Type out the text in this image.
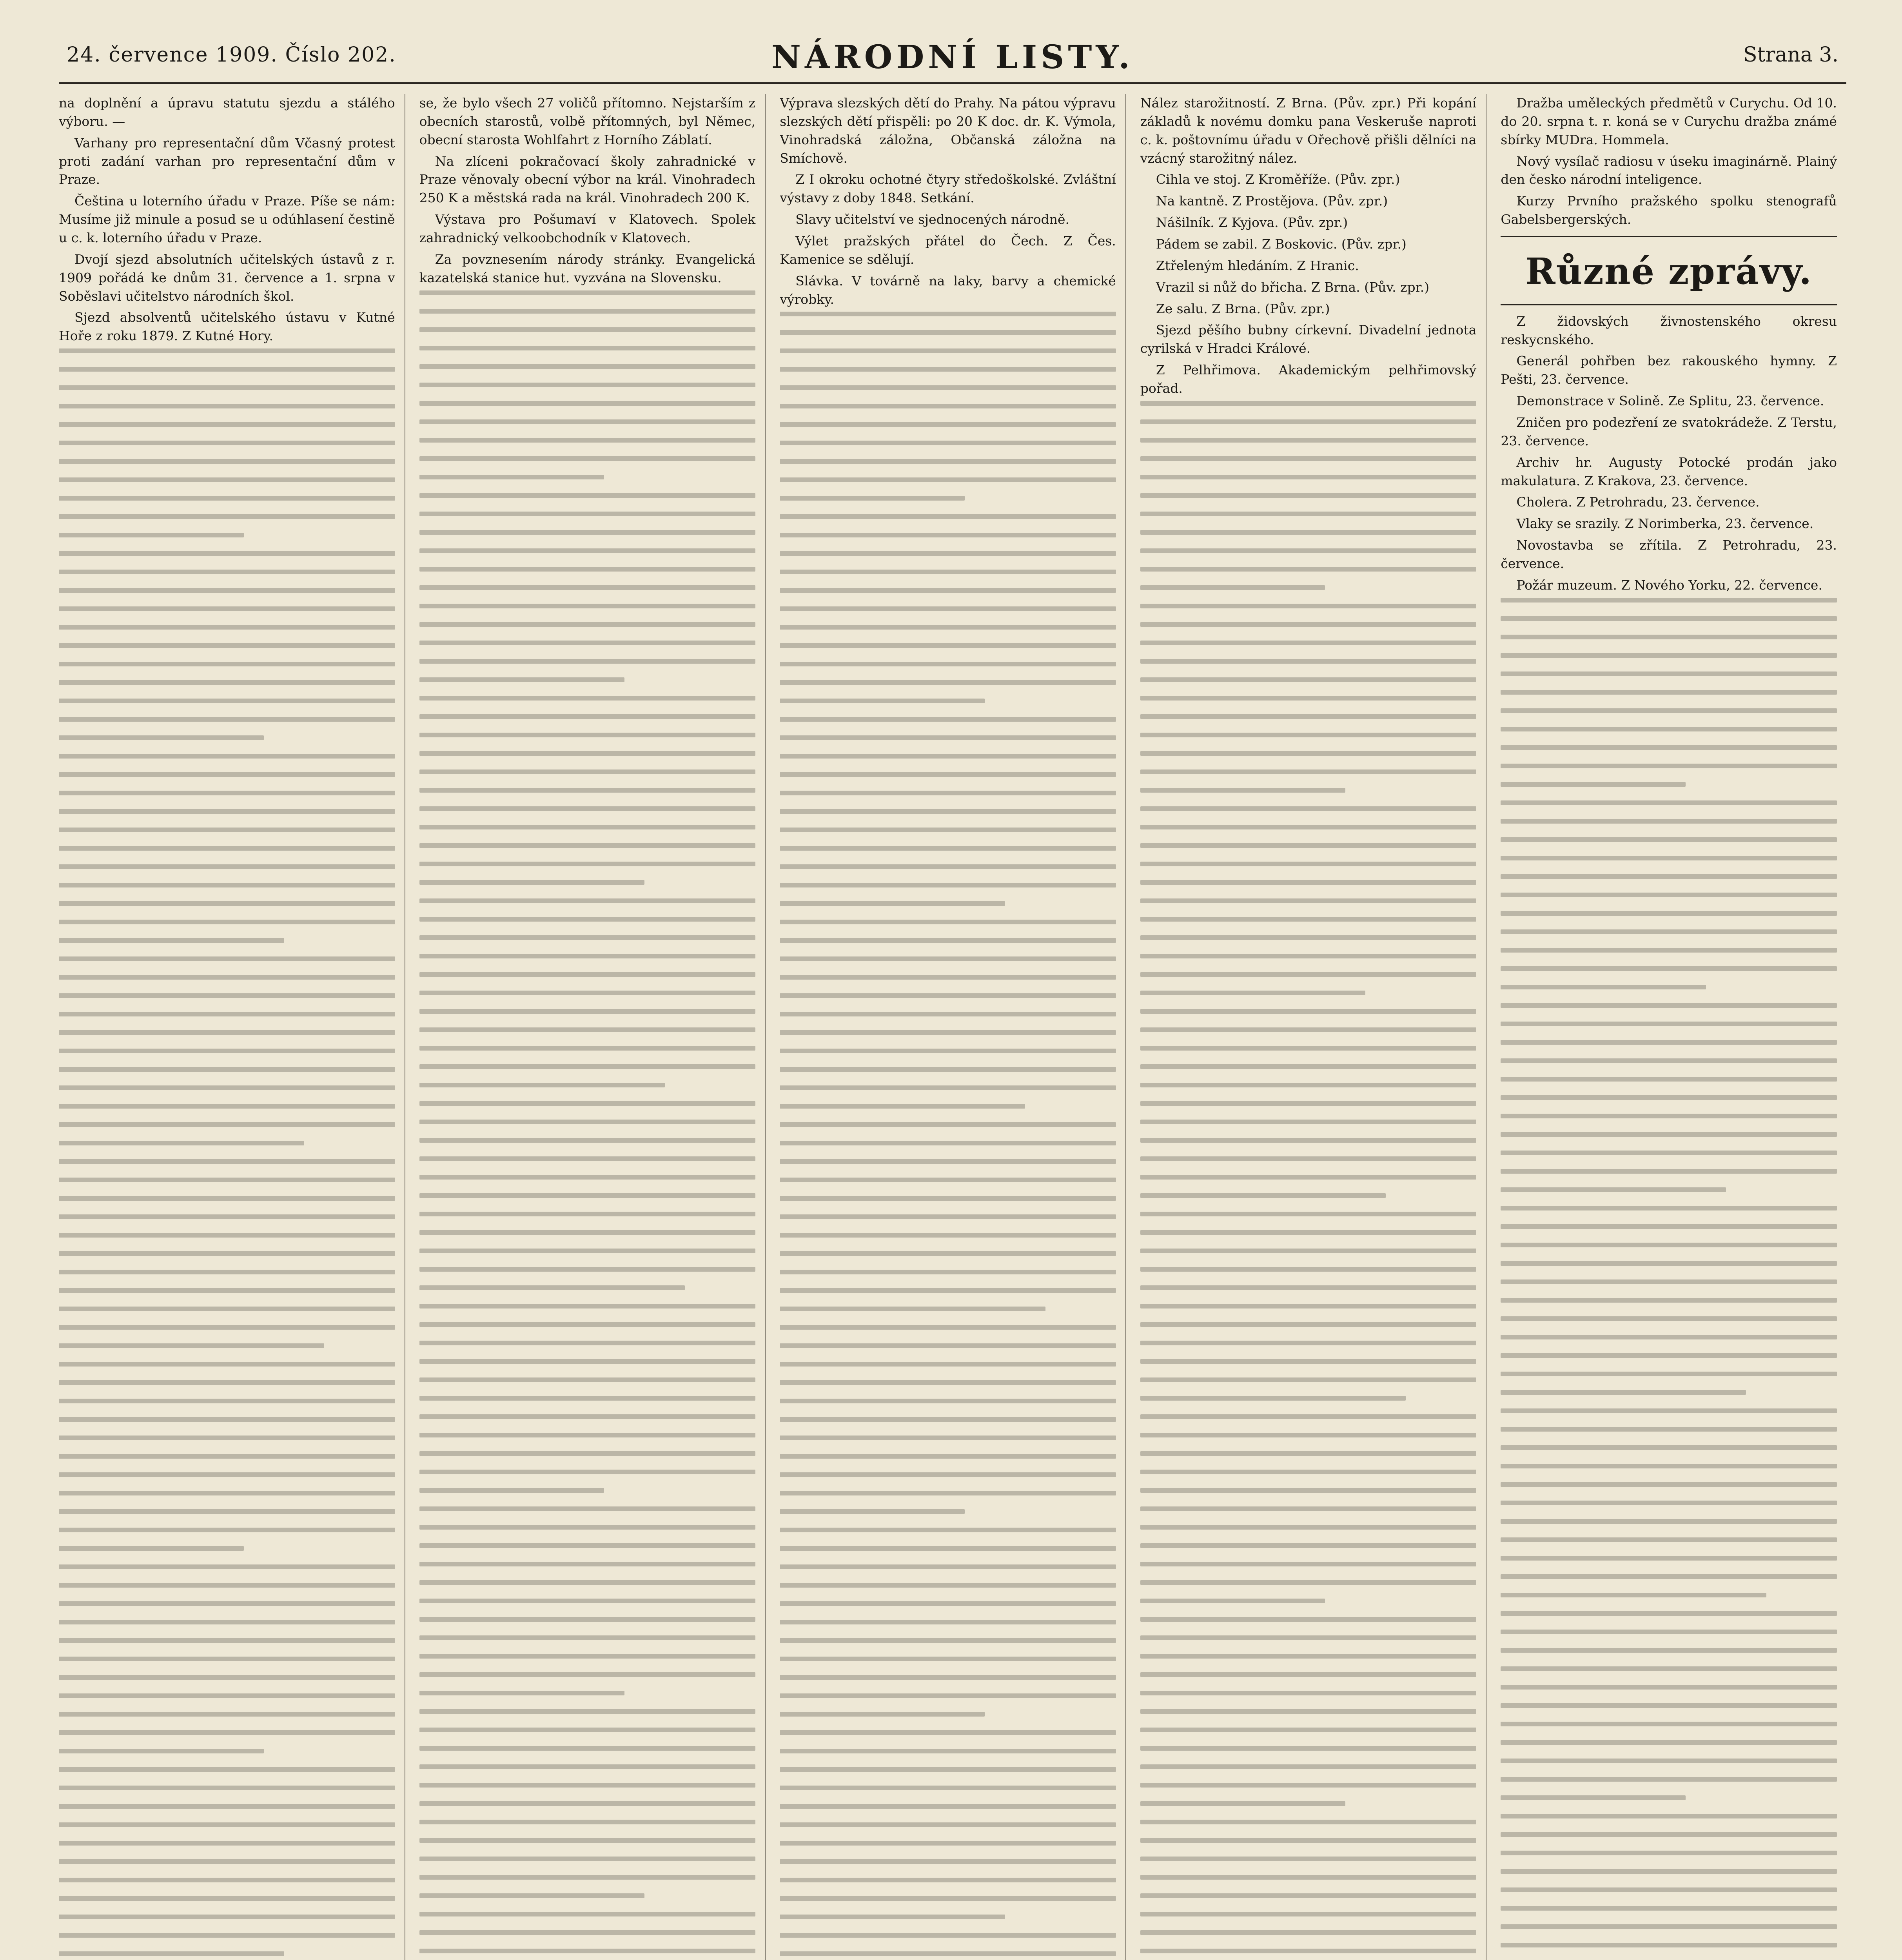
24. července 1909. Číslo 202.	NÁRODNÍ LISTY.	Strana 3.

na doplnění a úpravu statutu sjezdu a stálého výboru. —

Varhany pro representační dům Včasný protest proti zadání varhan pro representační dům v Praze.

Čeština u loterního úřadu v Praze. Píše se nám: Musíme již minule a posud se u odúhlasení čestině u c. k. loterního úřadu v Praze.

Dvojí sjezd absolutních učitelských ústavů z r. 1909 pořádá ke dnům 31. července a 1. srpna v Soběslavi učitelstvo národních škol.

Sjezd absolventů učitelského ústavu v Kutné Hoře z roku 1879. Z Kutné Hory.

se, že bylo všech 27 voličů přítomno. Nejstarším z obecních starostů, volbě přítomných, byl Němec, obecní starosta Wohlfahrt z Horního Záblatí.

Na zlíceni pokračovací školy zahradnické v Praze věnovaly obecní výbor na král. Vinohradech 250 K a městská rada na král. Vinohradech 200 K.

Výstava pro Pošumaví v Klatovech. Spolek zahradnický velkoobchodník v Klatovech.

Za povznesením národy stránky. Evangelická kazatelská stanice hut. vyzvána na Slovensku.

Výprava slezských dětí do Prahy. Na pátou výpravu slezských dětí přispěli: po 20 K doc. dr. K. Výmola, Vinohradská záložna, Občanská záložna na Smíchově.

Z I okroku ochotné čtyry středoškolské. Zvláštní výstavy z doby 1848. Setkání.

Slavy učitelství ve sjednocených národně.

Výlet pražských přátel do Čech. Z Čes. Kamenice se sdělují.

Slávka. V továrně na laky, barvy a chemické výrobky.

Nález starožitností. Z Brna. (Pův. zpr.) Při kopání základů k novému domku pana Veskeruše naproti c. k. poštovnímu úřadu v Ořechově přišli dělníci na vzácný starožitný nález.

Cihla ve stoj. Z Kroměříže. (Pův. zpr.)

Na kantně. Z Prostějova. (Pův. zpr.)

Nášilník. Z Kyjova. (Pův. zpr.)

Pádem se zabil. Z Boskovic. (Pův. zpr.)

Ztřeleným hledáním. Z Hranic.

Vrazil si nůž do břicha. Z Brna. (Pův. zpr.)

Ze salu. Z Brna. (Pův. zpr.)

Sjezd pěšího bubny církevní. Divadelní jednota cyrilská v Hradci Králové.

Z Pelhřimova. Akademickým pelhřimovský pořad.

Dražba uměleckých předmětů v Curychu. Od 10. do 20. srpna t. r. koná se v Curychu dražba známé sbírky MUDra. Hommela.

Nový vysílač radiosu v úseku imaginárně. Plainý den česko národní inteligence.

Kurzy Prvního pražského spolku stenografů Gabelsbergerských.

Různé zprávy.

Z židovských živnostenského okresu reskycnského.

Generál pohřben bez rakouského hymny. Z Pešti, 23. července.

Demonstrace v Solině. Ze Splitu, 23. července.

Zničen pro podezření ze svatokrádeže. Z Terstu, 23. července.

Archiv hr. Augusty Potocké prodán jako makulatura. Z Krakova, 23. července.

Cholera. Z Petrohradu, 23. července.

Vlaky se srazily. Z Norimberka, 23. července.

Novostavba se zřítila. Z Petrohradu, 23. července.

Požár muzeum. Z Nového Yorku, 22. července.
